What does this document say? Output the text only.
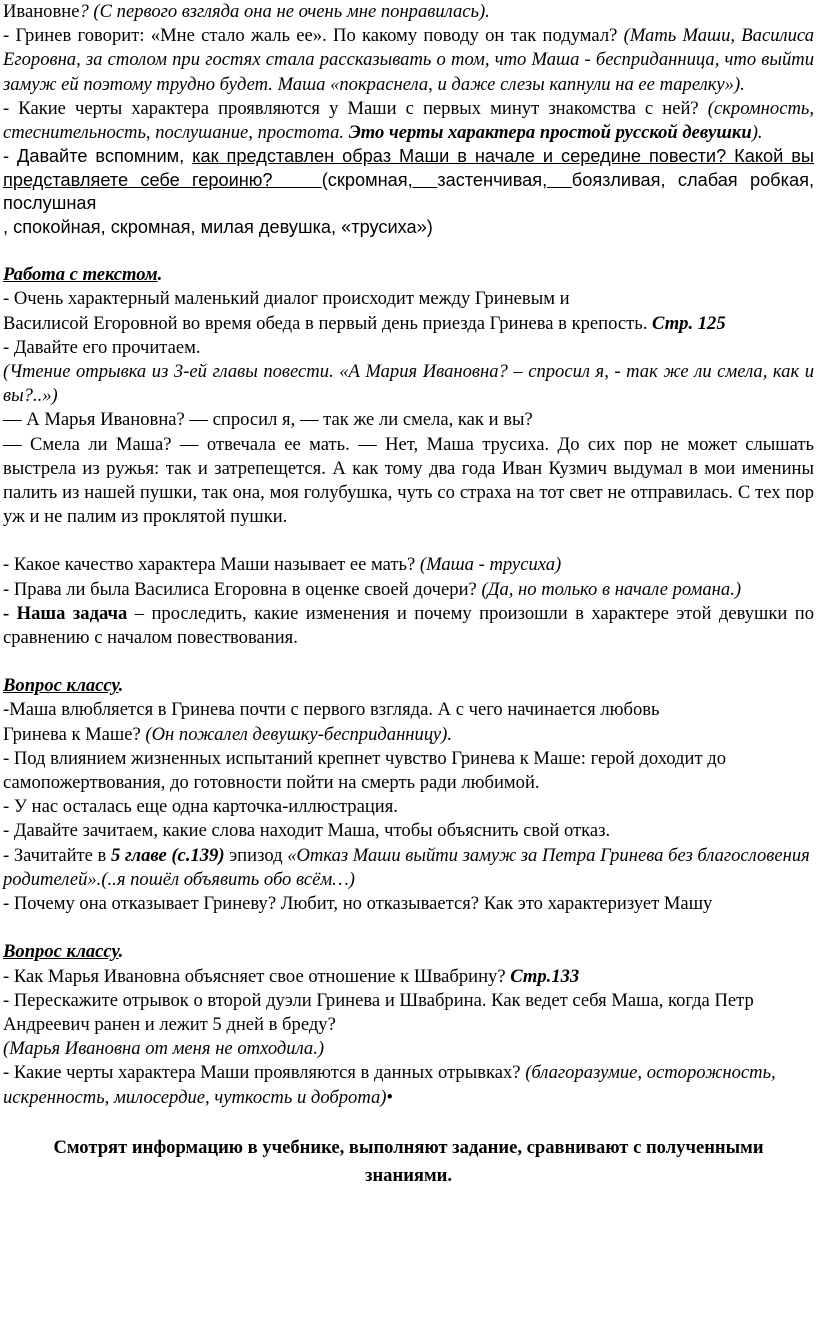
Ивановне? (С первого взгляда она не очень мне понравилась).

- Гринев говорит: «Мне стало жаль ее». По какому поводу он так подумал? (Мать Маши, Василиса Егоровна, за столом при гостях стала рассказывать о том, что Маша - бесприданница, что выйти замуж ей поэтому трудно будет. Маша «покраснела, и даже слезы капнули на ее тарелку»).

- Какие черты характера проявляются у Маши с первых минут знакомства с ней? (скромность, стеснительность, послушание, простота. Это черты характера простой русской девушки).

- Давайте вспомним, как представлен образ Маши в начале и середине повести? Какой вы представляете себе героиню?	(скромная,  застенчивая,  боязливая, слабая робкая, послушная
, спокойная, скромная, милая девушка, «трусиха»)

Работа с текстом.

- Очень характерный маленький диалог происходит между Гриневым и

Василисой Егоровной во время обеда в первый день приезда Гринева в крепость. Стр. 125

- Давайте его прочитаем.

(Чтение отрывка из 3-ей главы повести. «А Мария Ивановна? – спросил я, - так же ли смела, как и вы?..»)

— А Марья Ивановна? — спросил я, — так же ли смела, как и вы?

— Смела ли Маша? — отвечала ее мать. — Нет, Маша трусиха. До сих пор не может слышать выстрела из ружья: так и затрепещется. А как тому два года Иван Кузмич выдумал в мои именины палить из нашей пушки, так она, моя голубушка, чуть со страха на тот свет не отправилась. С тех пор уж и не палим из проклятой пушки.

- Какое качество характера Маши называет ее мать? (Маша - трусиха)

- Права ли была Василиса Егоровна в оценке своей дочери? (Да, но только в начале романа.)

- Наша задача – проследить, какие изменения и почему произошли в характере этой девушки по сравнению с началом повествования.

Вопрос классу.

-Маша влюбляется в Гринева почти с первого взгляда. А с чего начинается любовь

Гринева к Маше? (Он пожалел девушку-бесприданницу).

- Под влиянием жизненных испытаний крепнет чувство Гринева к Маше: герой доходит до самопожертвования, до готовности пойти на смерть ради любимой.

- У нас осталась еще одна карточка-иллюстрация.

- Давайте зачитаем, какие слова находит Маша, чтобы объяснить свой отказ.

- Зачитайте в 5 главе (с.139) эпизод «Отказ Маши выйти замуж за Петра Гринева без благословения родителей».(..я пошёл объявить обо всём…)

- Почему она отказывает Гриневу? Любит, но отказывается? Как это характеризует Машу

Вопрос классу.

- Как Марья Ивановна объясняет свое отношение к Швабрину? Стр.133

- Перескажите отрывок о второй дуэли Гринева и Швабрина. Как ведет себя Маша, когда Петр Андреевич ранен и лежит 5 дней в бреду?

(Марья Ивановна от меня не отходила.)

- Какие черты характера Маши проявляются в данных отрывках? (благоразумие, осторожность, искренность, милосердие, чуткость и доброта)•

Смотрят информацию в учебнике, выполняют задание, сравнивают с полученными знаниями.
